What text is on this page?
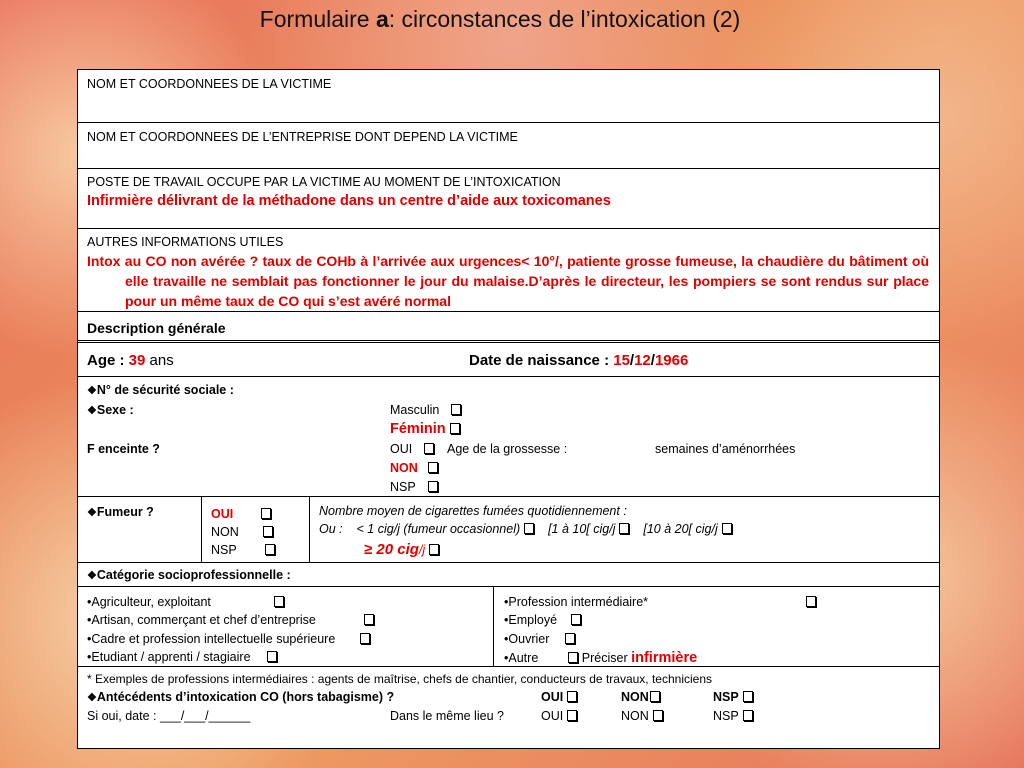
Formulaire a: circonstances de l’intoxication (2)
NOM ET COORDONNEES DE LA VICTIME
NOM ET COORDONNEES DE L’ENTREPRISE DONT DEPEND LA VICTIME
POSTE DE TRAVAIL OCCUPE PAR LA VICTIME AU MOMENT DE L’INTOXICATION
Infirmière délivrant de la méthadone dans un centre d’aide aux toxicomanes
AUTRES INFORMATIONS UTILES
Intox au CO non avérée ? taux de COHb à l’arrivée aux urgences< 10°/, patiente grosse fumeuse, la chaudière du bâtiment où elle travaille ne semblait pas fonctionner le jour du malaise.D’après le directeur, les pompiers se sont rendus sur place pour un même taux de CO qui s’est avéré normal
Description générale
Age : 39 ans	Date de naissance : 15/12/1966
❖N° de sécurité sociale :
❖Sexe :	Masculin
Féminin
F enceinte ?	OUI	Age de la grossesse :	semaines d’aménorrhées
NON
NSP
❖Fumeur ?	OUI
NON
NSP
Nombre moyen de cigarettes fumées quotidiennement :
Ou : < 1 cig/j (fumeur occasionnel) [1 à 10[ cig/j [10 à 20[ cig/j
≥ 20 cig/j
❖Catégorie socioprofessionnelle :
•Agriculteur, exploitant
•Artisan, commerçant et chef d’entreprise
•Cadre et profession intellectuelle supérieure
•Etudiant / apprenti / stagiaire
•Profession intermédiaire*
•Employé
•Ouvrier
•Autre	Préciser infirmière
* Exemples de professions intermédiaires : agents de maîtrise, chefs de chantier, conducteurs de travaux, techniciens
❖Antécédents d’intoxication CO (hors tabagisme) ?	OUI	NON	NSP
Si oui, date : ___/___/______	Dans le même lieu ?	OUI	NON	NSP
